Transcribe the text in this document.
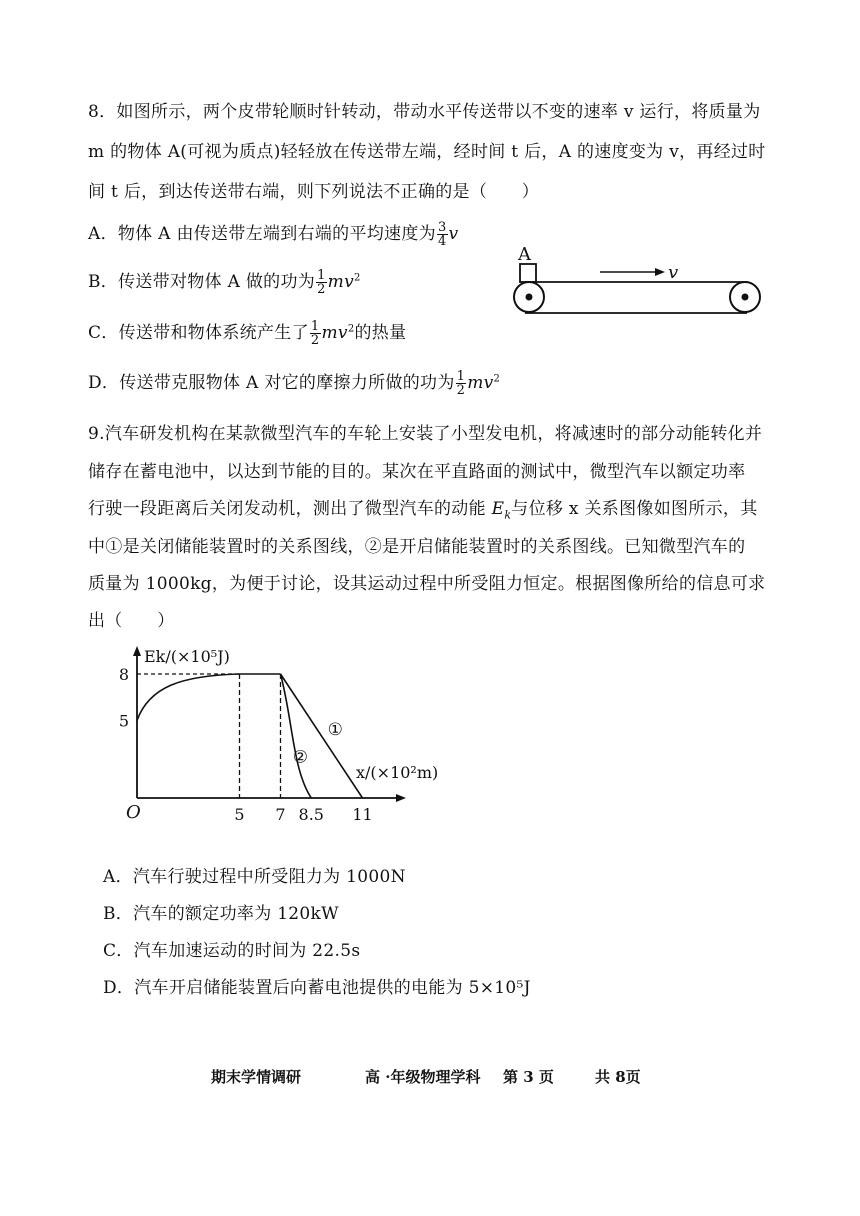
8．如图所示，两个皮带轮顺时针转动，带动水平传送带以不变的速率 v 运行，将质量为
m 的物体 A(可视为质点)轻轻放在传送带左端，经时间 t 后，A 的速度变为 v，再经过时
间 t 后，到达传送带右端，则下列说法不正确的是（　　）
A．物体 A 由传送带左端到右端的平均速度为 $\frac{3}{4}$ v
B．传送带对物体 A 做的功为 $\frac{1}{2} mv^2$
C．传送带和物体系统产生了 $\frac{1}{2} mv^2$的热量
D．传送带克服物体 A 对它的摩擦力所做的功为 $\frac{1}{2} mv^2$
A
v
9.汽车研发机构在某款微型汽车的车轮上安装了小型发电机，将减速时的部分动能转化并
储存在蓄电池中，以达到节能的目的。某次在平直路面的测试中，微型汽车以额定功率
行驶一段距离后关闭发动机，测出了微型汽车的动能 $E_k$与位移 x 关系图像如图所示，其
中①是关闭储能装置时的关系图线，②是开启储能装置时的关系图线。已知微型汽车的
质量为 1000kg，为便于讨论，设其运动过程中所受阻力恒定。根据图像所给的信息可求
出（　　）
Ek/(×10⁵J)
x/(×10²m)
O	5 7 8.5 11
8
5	①
②
A．汽车行驶过程中所受阻力为 1000N
B．汽车的额定功率为 120kW
C．汽车加速运动的时间为 22.5s
D．汽车开启储能装置后向蓄电池提供的电能为 5×10⁵J
期末学情调研	高 ·年级物理学科 第 3 页	共 8页
